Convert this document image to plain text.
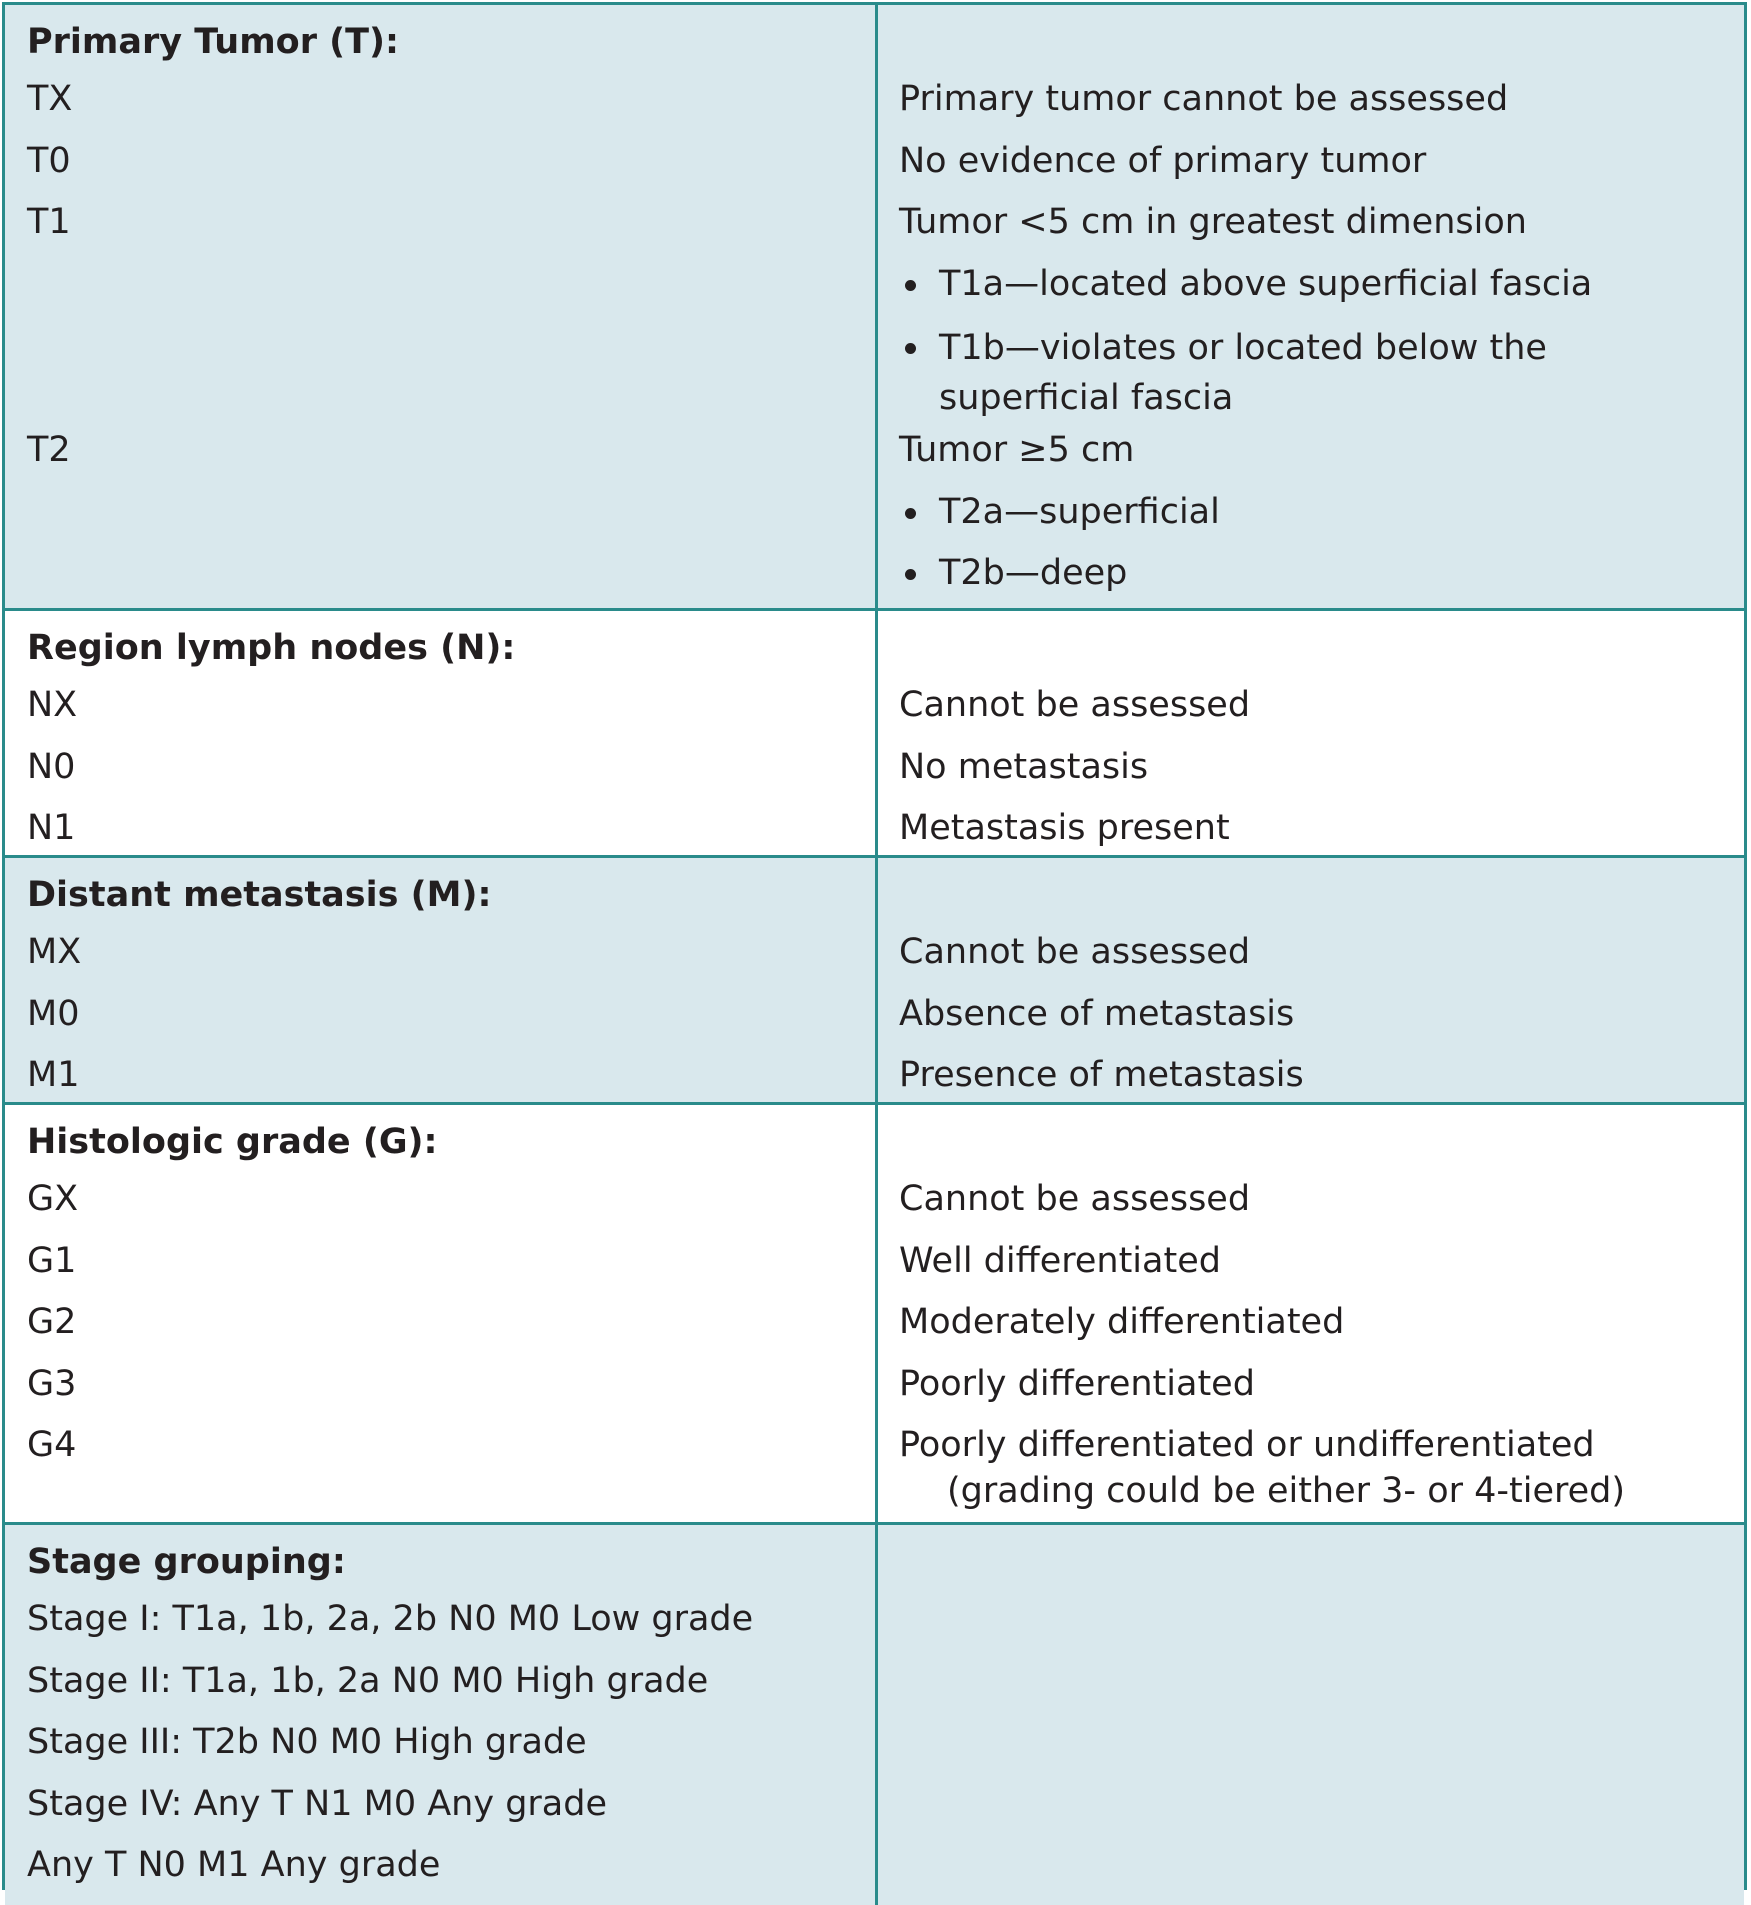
Primary Tumor (T):
TX
T0
T1
T2
Primary tumor cannot be assessed
No evidence of primary tumor
Tumor <5 cm in greatest dimension
T1a—located above superficial fascia
T1b—violates or located below the superficial fascia
Tumor ≥5 cm
T2a—superficial
T2b—deep
Region lymph nodes (N):
NX
N0
N1
Cannot be assessed
No metastasis
Metastasis present
Distant metastasis (M):
MX
M0
M1
Cannot be assessed
Absence of metastasis
Presence of metastasis
Histologic grade (G):
GX
G1
G2
G3
G4
Cannot be assessed
Well differentiated
Moderately differentiated
Poorly differentiated
Poorly differentiated or undifferentiated
(grading could be either 3- or 4-tiered)
Stage grouping:
Stage I: T1a, 1b, 2a, 2b N0 M0 Low grade
Stage II: T1a, 1b, 2a N0 M0 High grade
Stage III: T2b N0 M0 High grade
Stage IV: Any T N1 M0 Any grade
Any T N0 M1 Any grade
